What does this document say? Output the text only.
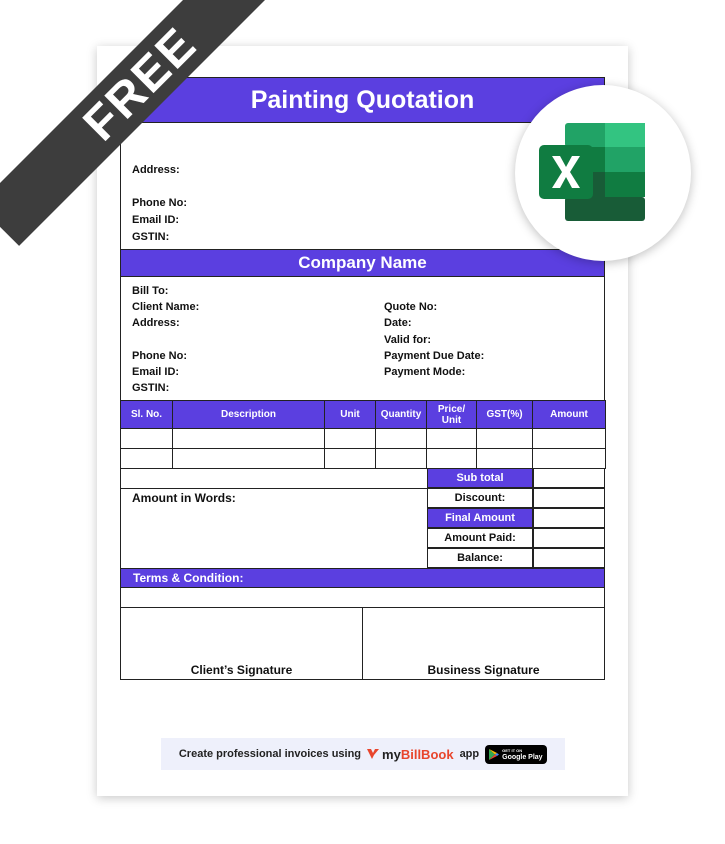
Painting Quotation
Address:
Phone No:
Email ID:
GSTIN:
Company Name
Bill To:
Client Name:
Address:
Phone No:
Email ID:
GSTIN:
Quote No:
Date:
Valid for:
Payment Due Date:
Payment Mode:
Sl. No.	Description	Unit	Quantity	Price/ Unit	GST(%)	Amount

Amount in Words:
Sub total
Discount:
Final Amount
Amount Paid:
Balance:
Terms & Condition:
Client’s Signature	Business Signature
Create professional invoices using my BillBook app	GET IT ON
Google Play
FREE
